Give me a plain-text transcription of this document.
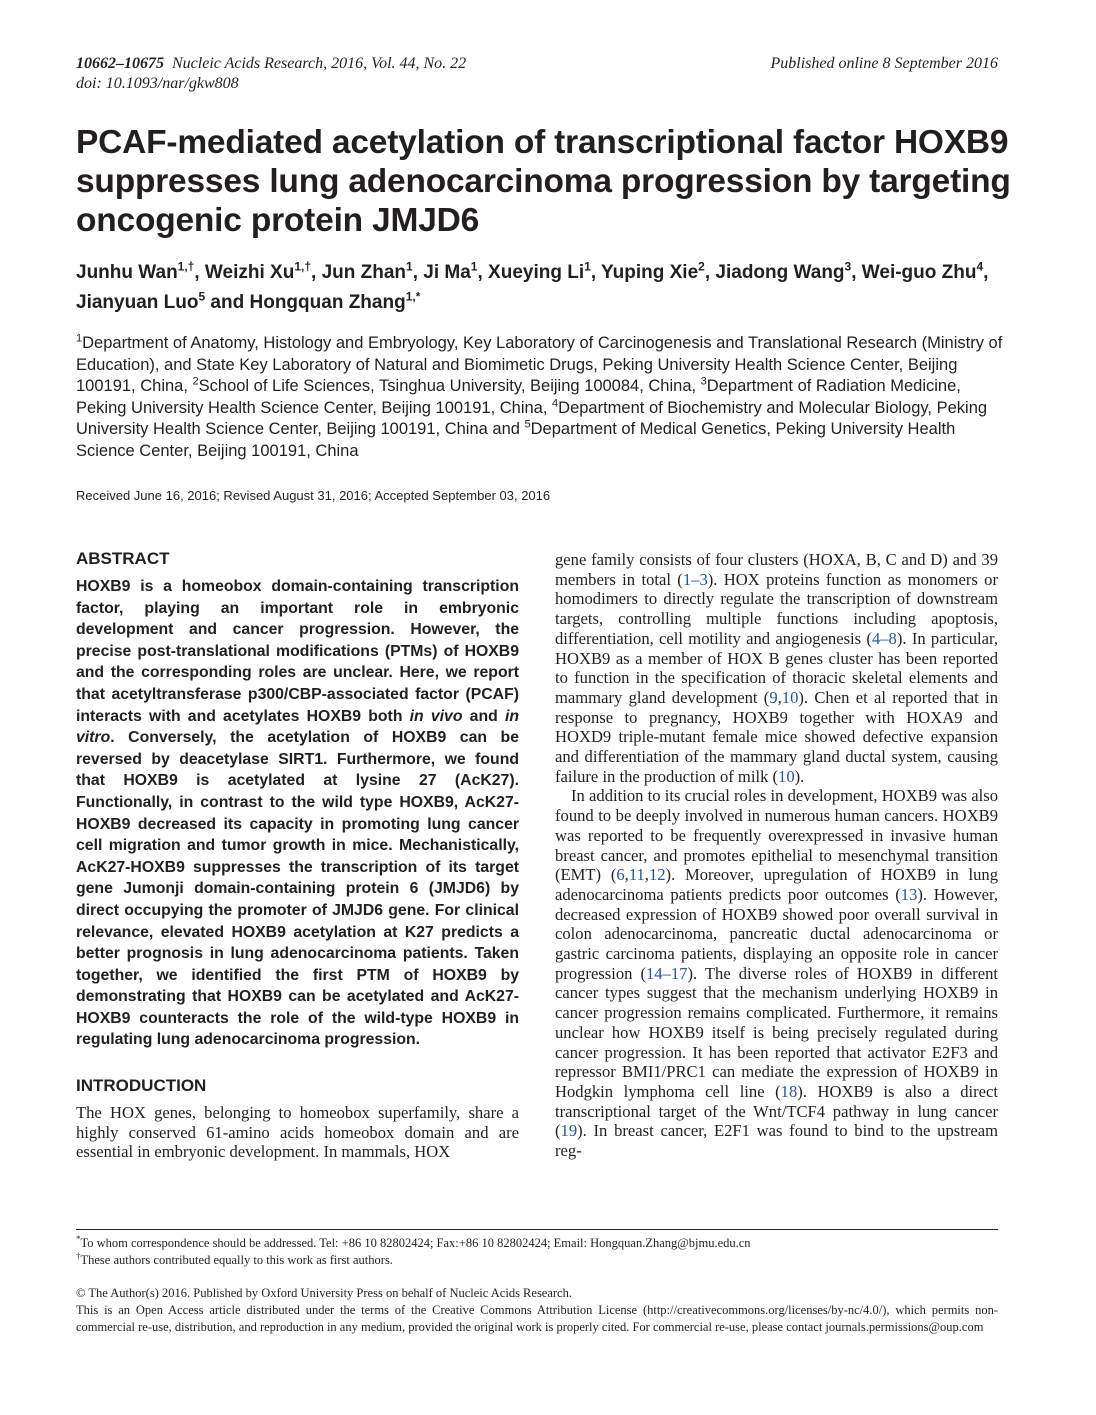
10662–10675 Nucleic Acids Research, 2016, Vol. 44, No. 22
doi: 10.1093/nar/gkw808
Published online 8 September 2016
PCAF-mediated acetylation of transcriptional factor HOXB9 suppresses lung adenocarcinoma progression by targeting oncogenic protein JMJD6
Junhu Wan$^{1,\dagger}$, Weizhi $Xu^{1,\dagger}$, Jun Zhan$^1$, Ji Ma$^1$, Xueying Li$^1$, Yuping Xie$^2$, Jiadong Wang$^3$, Wei-guo Zhu$^4$, Jianyuan Luo$^5$ and Hongquan Zhang$^{1,*}$
$^1$Department of Anatomy, Histology and Embryology, Key Laboratory of Carcinogenesis and Translational Research (Ministry of Education), and State Key Laboratory of Natural and Biomimetic Drugs, Peking University Health Science Center, Beijing 100191, China, $^2$School of Life Sciences, Tsinghua University, Beijing 100084, China, $^3$Department of Radiation Medicine, Peking University Health Science Center, Beijing 100191, China, $^4$Department of Biochemistry and Molecular Biology, Peking University Health Science Center, Beijing 100191, China and $^5$Department of Medical Genetics, Peking University Health Science Center, Beijing 100191, China
Received June 16, 2016; Revised August 31, 2016; Accepted September 03, 2016
ABSTRACT

HOXB9 is a homeobox domain-containing transcription factor, playing an important role in embryonic development and cancer progression. However, the precise post-translational modifications (PTMs) of HOXB9 and the corresponding roles are unclear. Here, we report that acetyltransferase p300/CBP-associated factor (PCAF) interacts with and acetylates HOXB9 both in vivo and in vitro. Conversely, the acetylation of HOXB9 can be reversed by deacetylase SIRT1. Furthermore, we found that HOXB9 is acetylated at lysine 27 (AcK27). Functionally, in contrast to the wild type HOXB9, AcK27-HOXB9 decreased its capacity in promoting lung cancer cell migration and tumor growth in mice. Mechanistically, AcK27-HOXB9 suppresses the transcription of its target gene Jumonji domain-containing protein 6 (JMJD6) by direct occupying the promoter of JMJD6 gene. For clinical relevance, elevated HOXB9 acetylation at K27 predicts a better prognosis in lung adenocarcinoma patients. Taken together, we identified the first PTM of HOXB9 by demonstrating that HOXB9 can be acetylated and AcK27-HOXB9 counteracts the role of the wild-type HOXB9 in regulating lung adenocarcinoma progression.

INTRODUCTION

The HOX genes, belonging to homeobox superfamily, share a highly conserved 61-amino acids homeobox domain and are essential in embryonic development. In mammals, HOX

gene family consists of four clusters (HOXA, B, C and D) and 39 members in total (1–3). HOX proteins function as monomers or homodimers to directly regulate the transcription of downstream targets, controlling multiple functions including apoptosis, differentiation, cell motility and angiogenesis (4–8). In particular, HOXB9 as a member of HOX B genes cluster has been reported to function in the specification of thoracic skeletal elements and mammary gland development (9,10). Chen et al reported that in response to pregnancy, HOXB9 together with HOXA9 and HOXD9 triple-mutant female mice showed defective expansion and differentiation of the mammary gland ductal system, causing failure in the production of milk (10).

In addition to its crucial roles in development, HOXB9 was also found to be deeply involved in numerous human cancers. HOXB9 was reported to be frequently overexpressed in invasive human breast cancer, and promotes epithelial to mesenchymal transition (EMT) (6,11,12). Moreover, upregulation of HOXB9 in lung adenocarcinoma patients predicts poor outcomes (13). However, decreased expression of HOXB9 showed poor overall survival in colon adenocarcinoma, pancreatic ductal adenocarcinoma or gastric carcinoma patients, displaying an opposite role in cancer progression (14–17). The diverse roles of HOXB9 in different cancer types suggest that the mechanism underlying HOXB9 in cancer progression remains complicated. Furthermore, it remains unclear how HOXB9 itself is being precisely regulated during cancer progression. It has been reported that activator E2F3 and repressor BMI1/PRC1 can mediate the expression of HOXB9 in Hodgkin lymphoma cell line (18). HOXB9 is also a direct transcriptional target of the Wnt/TCF4 pathway in lung cancer (19). In breast cancer, E2F1 was found to bind to the upstream reg-

*To whom correspondence should be addressed. Tel: +86 10 82802424; Fax:+86 10 82802424; Email: Hongquan.Zhang@bjmu.edu.cn
†These authors contributed equally to this work as first authors.

© The Author(s) 2016. Published by Oxford University Press on behalf of Nucleic Acids Research.

This is an Open Access article distributed under the terms of the Creative Commons Attribution License (http://creativecommons.org/licenses/by-nc/4.0/), which permits non-commercial re-use, distribution, and reproduction in any medium, provided the original work is properly cited. For commercial re-use, please contact journals.permissions@oup.com
